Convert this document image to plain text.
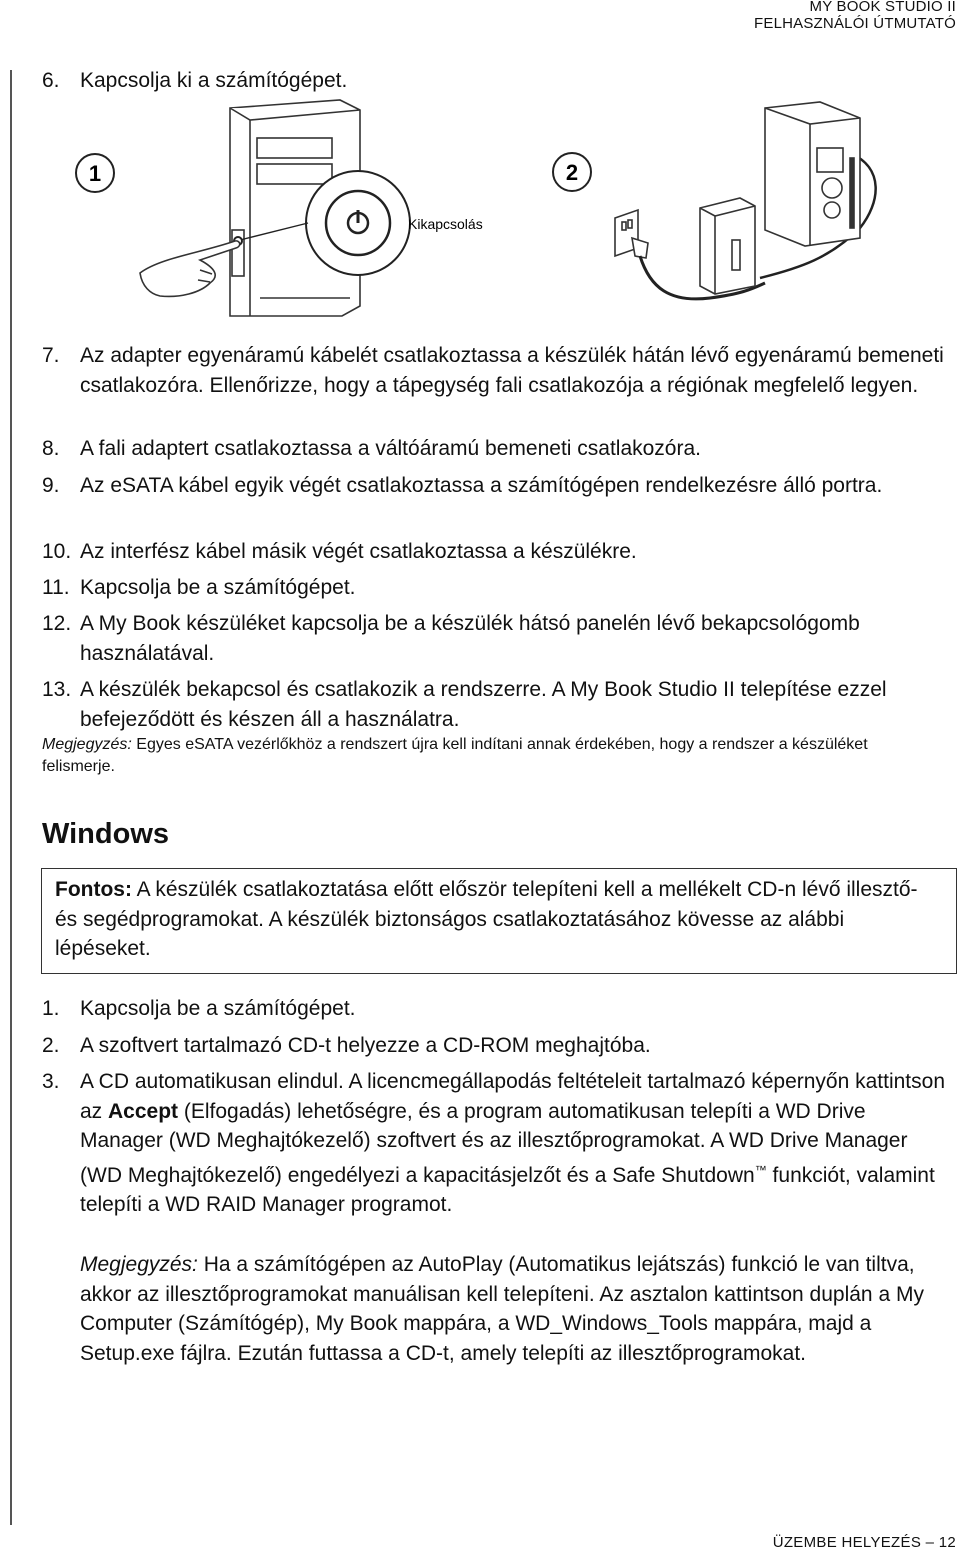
MY BOOK STUDIO II
FELHASZNÁLÓI ÚTMUTATÓ
6. Kapcsolja ki a számítógépet.
1	2
Kikapcsolás
7. Az adapter egyenáramú kábelét csatlakoztassa a készülék hátán lévő egyenáramú bemeneti csatlakozóra. Ellenőrizze, hogy a tápegység fali csatlakozója a régiónak megfelelő legyen.
8. A fali adaptert csatlakoztassa a váltóáramú bemeneti csatlakozóra.
9. Az eSATA kábel egyik végét csatlakoztassa a számítógépen rendelkezésre álló portra.
10. Az interfész kábel másik végét csatlakoztassa a készülékre.
11. Kapcsolja be a számítógépet.
12. A My Book készüléket kapcsolja be a készülék hátsó panelén lévő bekapcsológomb használatával.
13. A készülék bekapcsol és csatlakozik a rendszerre. A My Book Studio II telepítése ezzel befejeződött és készen áll a használatra.
Megjegyzés: Egyes eSATA vezérlőkhöz a rendszert újra kell indítani annak érdekében, hogy a rendszer a készüléket felismerje.
Windows
Fontos: A készülék csatlakoztatása előtt először telepíteni kell a mellékelt CD-n lévő illesztő- és segédprogramokat. A készülék biztonságos csatlakoztatásához kövesse az alábbi lépéseket.
1. Kapcsolja be a számítógépet.
2. A szoftvert tartalmazó CD-t helyezze a CD-ROM meghajtóba.
3. A CD automatikusan elindul. A licencmegállapodás feltételeit tartalmazó képernyőn kattintson az Accept (Elfogadás) lehetőségre, és a program automatikusan telepíti a WD Drive Manager (WD Meghajtókezelő) szoftvert és az illesztőprogramokat. A WD Drive Manager (WD Meghajtókezelő) engedélyezi a kapacitásjelzőt és a Safe Shutdown™ funkciót, valamint telepíti a WD RAID Manager programot.
Megjegyzés: Ha a számítógépen az AutoPlay (Automatikus lejátszás) funkció le van tiltva, akkor az illesztőprogramokat manuálisan kell telepíteni. Az asztalon kattintson duplán a My Computer (Számítógép), My Book mappára, a WD_Windows_Tools mappára, majd a Setup.exe fájlra. Ezután futtassa a CD-t, amely telepíti az illesztőprogramokat.
ÜZEMBE HELYEZÉS – 12
